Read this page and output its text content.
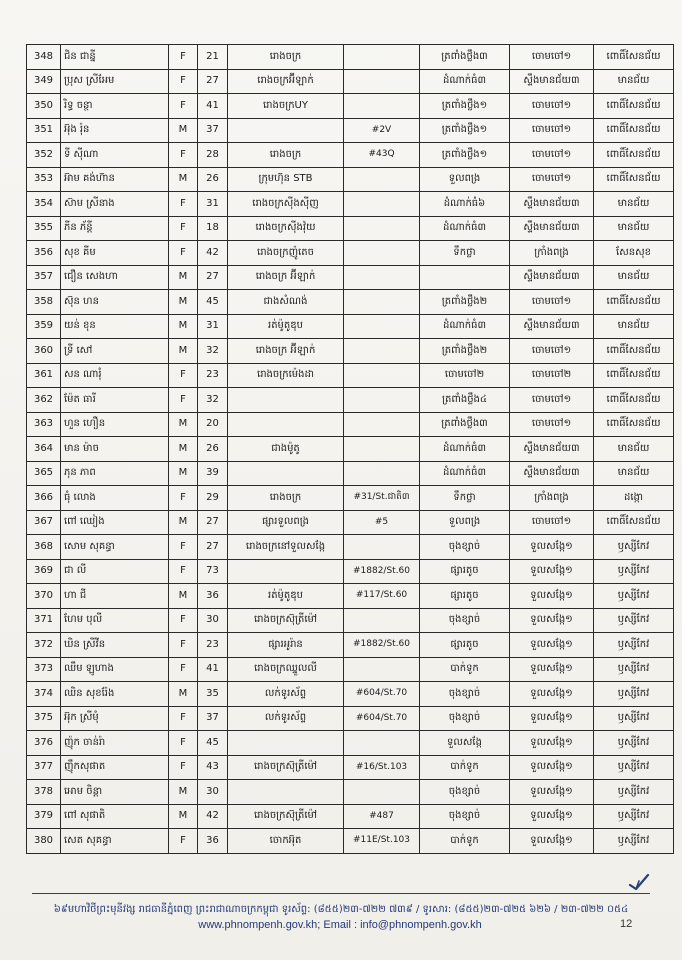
348	ជិន ជាន្នី	F	21	រោងចក្រ		ត្រពាំងថ្លឹង៣	ចោមចៅ១	ពោធិ៍សែនជ័យ
349	ប្រុស ស្រីអែម	F	27	រោងចក្រអ៊ីឡាក់		ដំណាក់ធំ៣	ស្ទឹងមានជ័យ៣	មានជ័យ
350	រិទ្ធ ចន្ថា	F	41	រោងចក្រUY		ត្រពាំងថ្លឹង១	ចោមចៅ១	ពោធិ៍សែនជ័យ
351	អ៊ុង រ៉ុន	M	37		#2V	ត្រពាំងថ្លឹង១	ចោមចៅ១	ពោធិ៍សែនជ័យ
352	ទី ស៊ីណា	F	28	រោងចក្រ	#43Q	ត្រពាំងថ្លឹង១	ចោមចៅ១	ពោធិ៍សែនជ័យ
353	អ៊ាម គង់ហ៊ាន	M	26	ក្រុមហ៊ុន STB		ទួលពង្រ	ចោមចៅ១	ពោធិ៍សែនជ័យ
354	ស៊ាម ស្រីនាង	F	31	រោងចក្រស៊ីងស៊ីញ		ដំណាក់ធំ៦	ស្ទឹងមានជ័យ៣	មានជ័យ
355	ភីន ភ័ន្តី	F	18	រោងចក្រស៊ីងវ៉ុយ		ដំណាក់ធំ៣	ស្ទឹងមានជ័យ៣	មានជ័យ
356	សុខ គីម	F	42	រោងចក្រញ៉ូតេច		ទឹកថ្លា	ក្រាំងពង្រ	សែនសុខ
357	ជឿន សេងហា	M	27	រោងចក្រ អ៊ីឡាក់			ស្ទឹងមានជ័យ៣	មានជ័យ
358	ស៊ុន ហន	M	45	ជាងសំណង់		ត្រពាំងថ្លឹង២	ចោមចៅ១	ពោធិ៍សែនជ័យ
359	យន់ ខុន	M	31	រត់ម៉ូតូឌុប		ដំណាក់ធំ៣	ស្ទឹងមានជ័យ៣	មានជ័យ
360	ទ្រី សៅ	M	32	រោងចក្រ អ៊ីឡាក់		ត្រពាំងថ្លឹង២	ចោមចៅ១	ពោធិ៍សែនជ័យ
361	សន ណារុំ	F	23	រោងចក្រម៉េងដា		ចោមចៅ២	ចោមចៅ២	ពោធិ៍សែនជ័យ
362	ម៉ែត ធារី	F	32			ត្រពាំងថ្លឹង៤	ចោមចៅ១	ពោធិ៍សែនជ័យ
363	ហួន ហឿន	M	20			ត្រពាំងថ្លឹង៣	ចោមចៅ១	ពោធិ៍សែនជ័យ
364	មាន ម៉ាច	M	26	ជាងម៉ូតូ		ដំណាក់ធំ៣	ស្ទឹងមានជ័យ៣	មានជ័យ
365	ភុន ភាព	M	39			ដំណាក់ធំ៣	ស្ទឹងមានជ័យ៣	មានជ័យ
366	ធុំ លោង	F	29	រោងចក្រ	#31/St.ជាតិ៣	ទឹកថ្លា	ក្រាំងពង្រ	ដង្កោ
367	ពៅ ឈៀង	M	27	ផ្សារទួលពង្រ	#5	ទួលពង្រ	ចោមចៅ១	ពោធិ៍សែនជ័យ
368	សោម សុគន្ធា	F	27	រោងចក្រនៅទួលសង្កែ		ចុងខ្សាច់	ទួលសង្កែ១	ឫស្សីកែវ
369	ជា លី	F	73		#1882/St.60	ផ្សារតូច	ទួលសង្កែ១	ឫស្សីកែវ
370	ហា ជី	M	36	រត់ម៉ូតូឌុប	#117/St.60	ផ្សារតូច	ទួលសង្កែ១	ឫស្សីកែវ
371	ហែម បុលី	F	30	រោងចក្រស៊ុត្រីម៉ៅ		ចុងខ្សាច់	ទួលសង្កែ១	ឫស្សីកែវ
372	ឃិន ស្រីវីន	F	23	ផ្សារអូរ៉ាន	#1882/St.60	ផ្សារតូច	ទួលសង្កែ១	ឫស្សីកែវ
373	ឈឹម ឡូហាង	F	41	រោងចក្រឈ្នួលលី		បាក់ទូក	ទួលសង្កែ១	ឫស្សីកែវ
374	ឈិន សុខរ៉ែង	M	35	លក់ទូរស័ព្ទ	#604/St.70	ចុងខ្សាច់	ទួលសង្កែ១	ឫស្សីកែវ
375	អ៊ុក ស្រីមុំ	F	37	លក់ទូរស័ព្ទ	#604/St.70	ចុងខ្សាច់	ទួលសង្កែ១	ឫស្សីកែវ
376	ញ៉ុក ចាន់រ៉ា	F	45			ទួលសង្កែ	ទួលសង្កែ១	ឫស្សីកែវ
377	ញ៉ឹកសុផាត	F	43	រោងចក្រស៊ុត្រីម៉ៅ	#16/St.103	បាក់ទូក	ទួលសង្កែ១	ឫស្សីកែវ
378	អោម ចិន្តា	M	30			ចុងខ្សាច់	ទួលសង្កែ១	ឫស្សីកែវ
379	ពៅ សុផាតិ	M	42	រោងចក្រស៊ុត្រីម៉ៅ	#487	ចុងខ្សាច់	ទួលសង្កែ១	ឫស្សីកែវ
380	សេត សុគន្ធា	F	36	ចោកអ៊ុត	#11E/St.103	បាក់ទូក	ទួលសង្កែ១	ឫស្សីកែវ
៦៩មហាវិថីព្រះមុនីវង្ស រាជធានីភ្នំពេញ ព្រះរាជាណាចក្រកម្ពុជា ទូរស័ព្ទ: (៨៥៥)២៣-៧២២ ៧៣៩ / ទូរសារ: (៨៥៥)២៣-៧២៥ ៦២៦ / ២៣-៧២២ ០៥៤
www.phnompenh.gov.kh; Email : info@phnompenh.gov.kh	12
